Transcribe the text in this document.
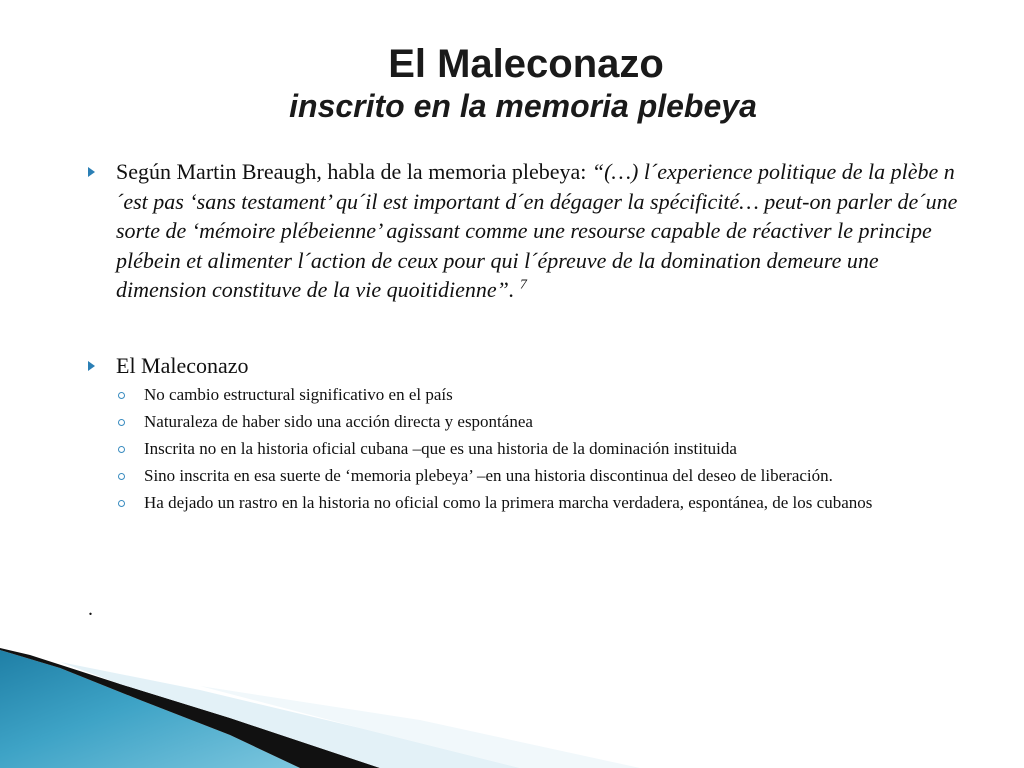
El Maleconazo
inscrito en la memoria plebeya
Según Martin Breaugh, habla de la memoria plebeya: “(…) l´experience politique de la plèbe n´est pas ‘sans testament’ qu´il est important d´en dégager la spécificité… peut-on parler de´une sorte de ‘mémoire plébeienne’ agissant comme une resourse capable de réactiver le principe plébein et alimenter l´action de ceux pour qui l´épreuve de la domination demeure une dimension constituve de la vie quoitidienne”. $^7$
El Maleconazo
No cambio estructural significativo en el país
Naturaleza de haber sido una acción directa y espontánea
Inscrita no en la historia oficial cubana –que es una historia de la dominación instituida
Sino inscrita en esa suerte de ‘memoria plebeya’ –en una historia discontinua del deseo de liberación.
Ha dejado un rastro en la historia no oficial como la primera marcha verdadera, espontánea, de los cubanos
.
